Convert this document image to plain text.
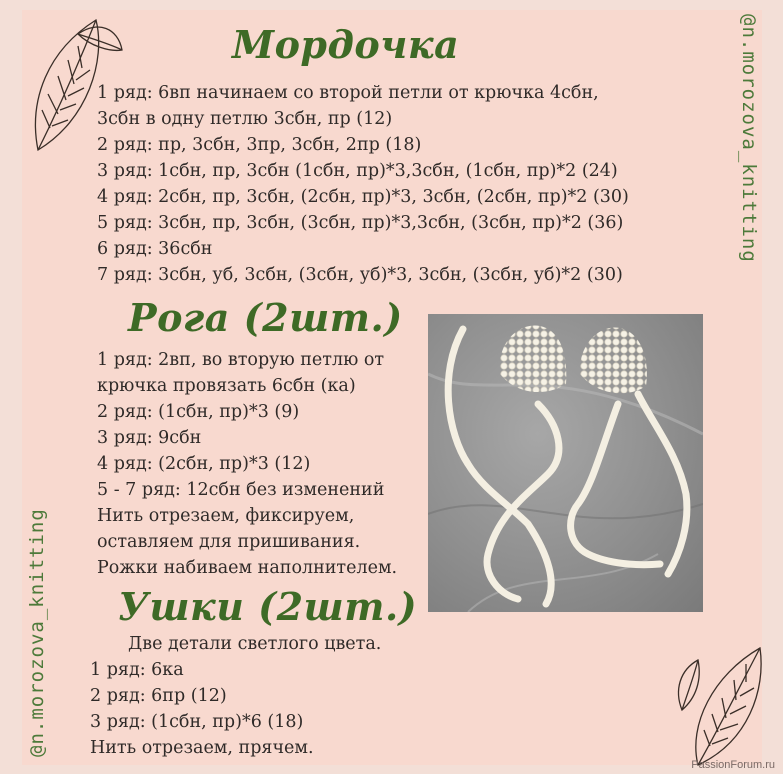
@n.morozova_knitting
@n.morozova_knitting
Мордочка
1 ряд: 6вп начинаем со второй петли от крючка 4сбн,
3сбн в одну петлю 3сбн, пр (12)
2 ряд: пр, 3сбн, 3пр, 3сбн, 2пр (18)
3 ряд: 1сбн, пр, 3сбн (1сбн, пр)*3,3сбн, (1сбн, пр)*2 (24)
4 ряд: 2сбн, пр, 3сбн, (2сбн, пр)*3, 3сбн, (2сбн, пр)*2 (30)
5 ряд: 3сбн, пр, 3сбн, (3сбн, пр)*3,3сбн, (3сбн, пр)*2 (36)
6 ряд: 36сбн
7 ряд: 3сбн, уб, 3сбн, (3сбн, уб)*3, 3сбн, (3сбн, уб)*2 (30)
Рога (2шт.)
1 ряд: 2вп, во вторую петлю от
крючка провязать 6сбн (ка)
2 ряд: (1сбн, пр)*3 (9)
3 ряд: 9сбн
4 ряд: (2сбн, пр)*3 (12)
5 - 7 ряд: 12сбн без изменений
Нить отрезаем, фиксируем,
оставляем для пришивания.
Рожки набиваем наполнителем.
Ушки (2шт.)
Две детали светлого цвета.
1 ряд: 6ка
2 ряд: 6пр (12)
3 ряд: (1сбн, пр)*6 (18)
Нить отрезаем, прячем.
PassionForum.ru
